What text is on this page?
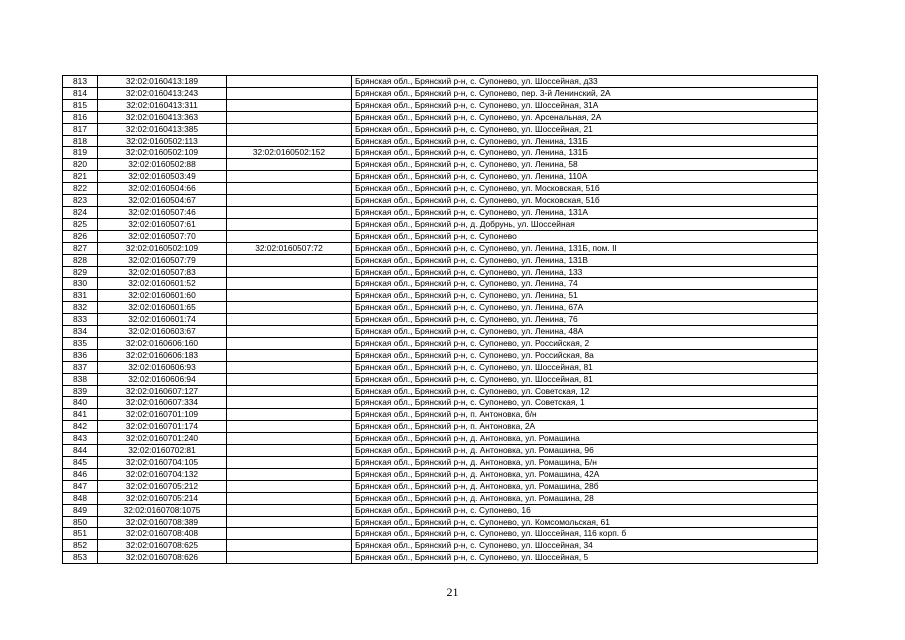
813	32:02:0160413:189		Брянская обл., Брянский р-н, с. Супонево, ул. Шоссейная, д33
814	32:02:0160413:243		Брянская обл., Брянский р-н, с. Супонево, пер. 3-й Ленинский, 2А
815	32:02:0160413:311		Брянская обл., Брянский р-н, с. Супонево, ул. Шоссейная, 31А
816	32:02:0160413:363		Брянская обл., Брянский р-н, с. Супонево, ул. Арсенальная, 2А
817	32:02:0160413:385		Брянская обл., Брянский р-н, с. Супонево, ул. Шоссейная, 21
818	32:02:0160502:113		Брянская обл., Брянский р-н, с. Супонево, ул. Ленина, 131Б
819	32:02:0160502:109	32:02:0160502:152	Брянская обл., Брянский р-н, с. Супонево, ул. Ленина, 131Б
820	32:02:0160502:88		Брянская обл., Брянский р-н, с. Супонево, ул. Ленина, 58
821	32:02:0160503:49		Брянская обл., Брянский р-н, с. Супонево, ул. Ленина, 110А
822	32:02:0160504:66		Брянская обл., Брянский р-н, с. Супонево, ул. Московская, 51б
823	32:02:0160504:67		Брянская обл., Брянский р-н, с. Супонево, ул. Московская, 51б
824	32:02:0160507:46		Брянская обл., Брянский р-н, с. Супонево, ул. Ленина, 131А
825	32:02:0160507:61		Брянская обл., Брянский р-н, д. Добрунь, ул. Шоссейная
826	32:02:0160507:70		Брянская обл., Брянский р-н, с. Супонево
827	32:02:0160502:109	32:02:0160507:72	Брянская обл., Брянский р-н, с. Супонево, ул. Ленина, 131Б, пом. II
828	32:02:0160507:79		Брянская обл., Брянский р-н, с. Супонево, ул. Ленина, 131В
829	32:02:0160507:83		Брянская обл., Брянский р-н, с. Супонево, ул. Ленина, 133
830	32:02:0160601:52		Брянская обл., Брянский р-н, с. Супонево, ул. Ленина, 74
831	32:02:0160601:60		Брянская обл., Брянский р-н, с. Супонево, ул. Ленина, 51
832	32:02:0160601:65		Брянская обл., Брянский р-н, с. Супонево, ул. Ленина, 67А
833	32:02:0160601:74		Брянская обл., Брянский р-н, с. Супонево, ул. Ленина, 76
834	32:02:0160603:67		Брянская обл., Брянский р-н, с. Супонево, ул. Ленина, 48А
835	32:02:0160606:160		Брянская обл., Брянский р-н, с. Супонево, ул. Российская, 2
836	32:02:0160606:183		Брянская обл., Брянский р-н, с. Супонево, ул. Российская, 8а
837	32:02:0160606:93		Брянская обл., Брянский р-н, с. Супонево, ул. Шоссейная, 81
838	32:02:0160606:94		Брянская обл., Брянский р-н, с. Супонево, ул. Шоссейная, 81
839	32:02:0160607:127		Брянская обл., Брянский р-н, с. Супонево, ул. Советская, 12
840	32:02:0160607:334		Брянская обл., Брянский р-н, с. Супонево, ул. Советская, 1
841	32:02:0160701:109		Брянская обл., Брянский р-н, п. Антоновка, б/н
842	32:02:0160701:174		Брянская обл., Брянский р-н, п. Антоновка, 2А
843	32:02:0160701:240		Брянская обл., Брянский р-н, д. Антоновка, ул. Ромашина
844	32:02:0160702:81		Брянская обл., Брянский р-н, д. Антоновка, ул. Ромашина, 96
845	32:02:0160704:105		Брянская обл., Брянский р-н, д. Антоновка, ул. Ромашина, Б/н
846	32:02:0160704:132		Брянская обл., Брянский р-н, д. Антоновка, ул. Ромашина, 42А
847	32:02:0160705:212		Брянская обл., Брянский р-н, д. Антоновка, ул. Ромашина, 28б
848	32:02:0160705:214		Брянская обл., Брянский р-н, д. Антоновка, ул. Ромашина, 28
849	32:02:0160708:1075		Брянская обл., Брянский р-н, с. Супонево, 16
850	32:02:0160708:389		Брянская обл., Брянский р-н, с. Супонево, ул. Комсомольская, 61
851	32:02:0160708:408		Брянская обл., Брянский р-н, с. Супонево, ул. Шоссейная, 116 корп. б
852	32:02:0160708:625		Брянская обл., Брянский р-н, с. Супонево, ул. Шоссейная, 34
853	32:02:0160708:626		Брянская обл., Брянский р-н, с. Супонево, ул. Шоссейная, 5
21
